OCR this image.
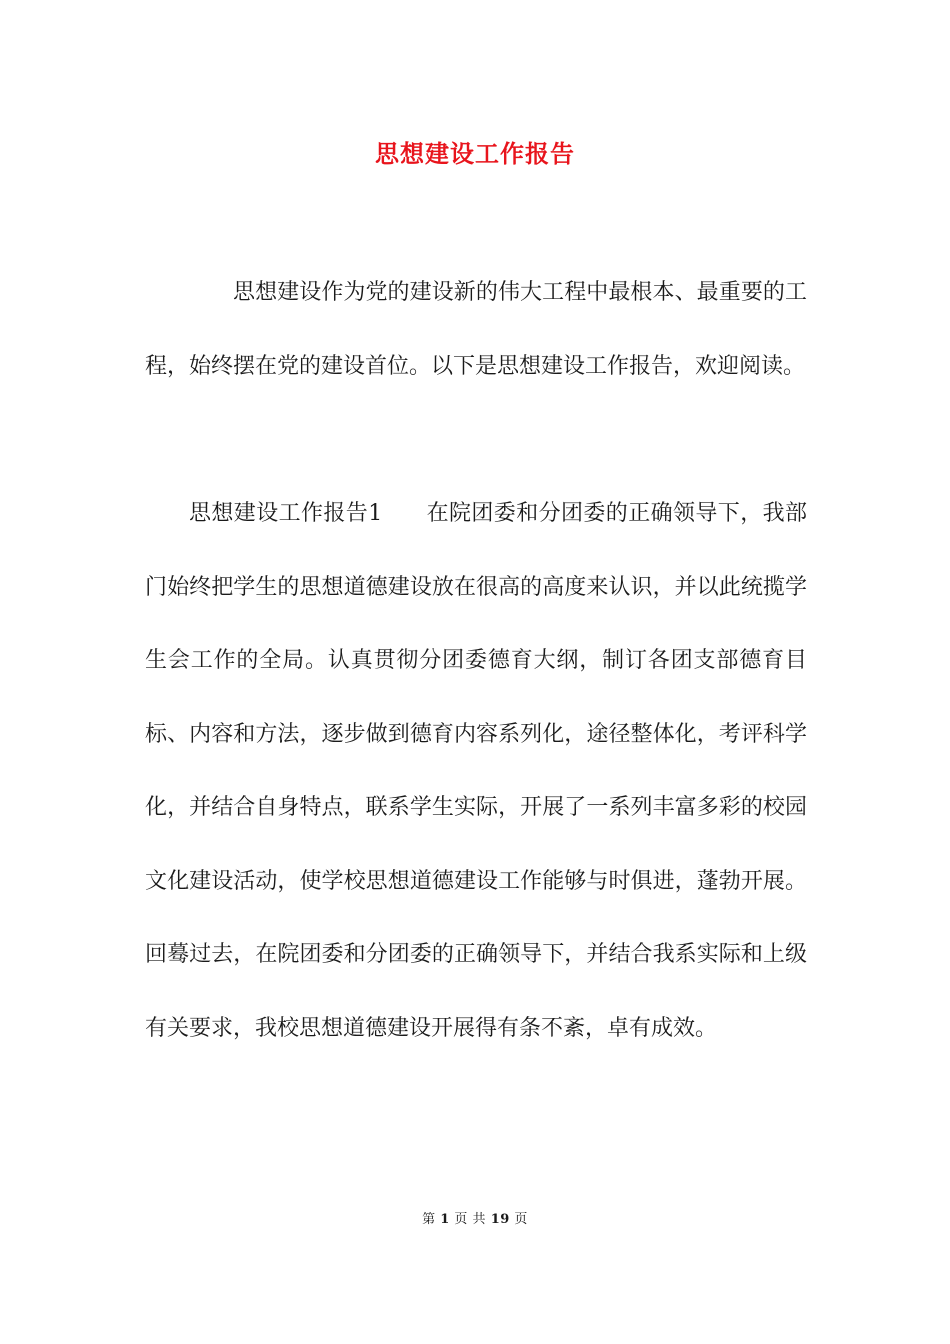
思想建设工作报告

思想建设作为党的建设新的伟大工程中最根本、最重要的工程，始终摆在党的建设首位。以下是思想建设工作报告，欢迎阅读。

思想建设工作报告1 在院团委和分团委的正确领导下，我部门始终把学生的思想道德建设放在很高的高度来认识，并以此统揽学生会工作的全局。认真贯彻分团委德育大纲，制订各团支部德育目标、内容和方法，逐步做到德育内容系列化，途径整体化，考评科学化，并结合自身特点，联系学生实际，开展了一系列丰富多彩的校园文化建设活动，使学校思想道德建设工作能够与时俱进，蓬勃开展。回蓦过去，在院团委和分团委的正确领导下，并结合我系实际和上级有关要求，我校思想道德建设开展得有条不紊，卓有成效。

第 1 页 共 19 页
